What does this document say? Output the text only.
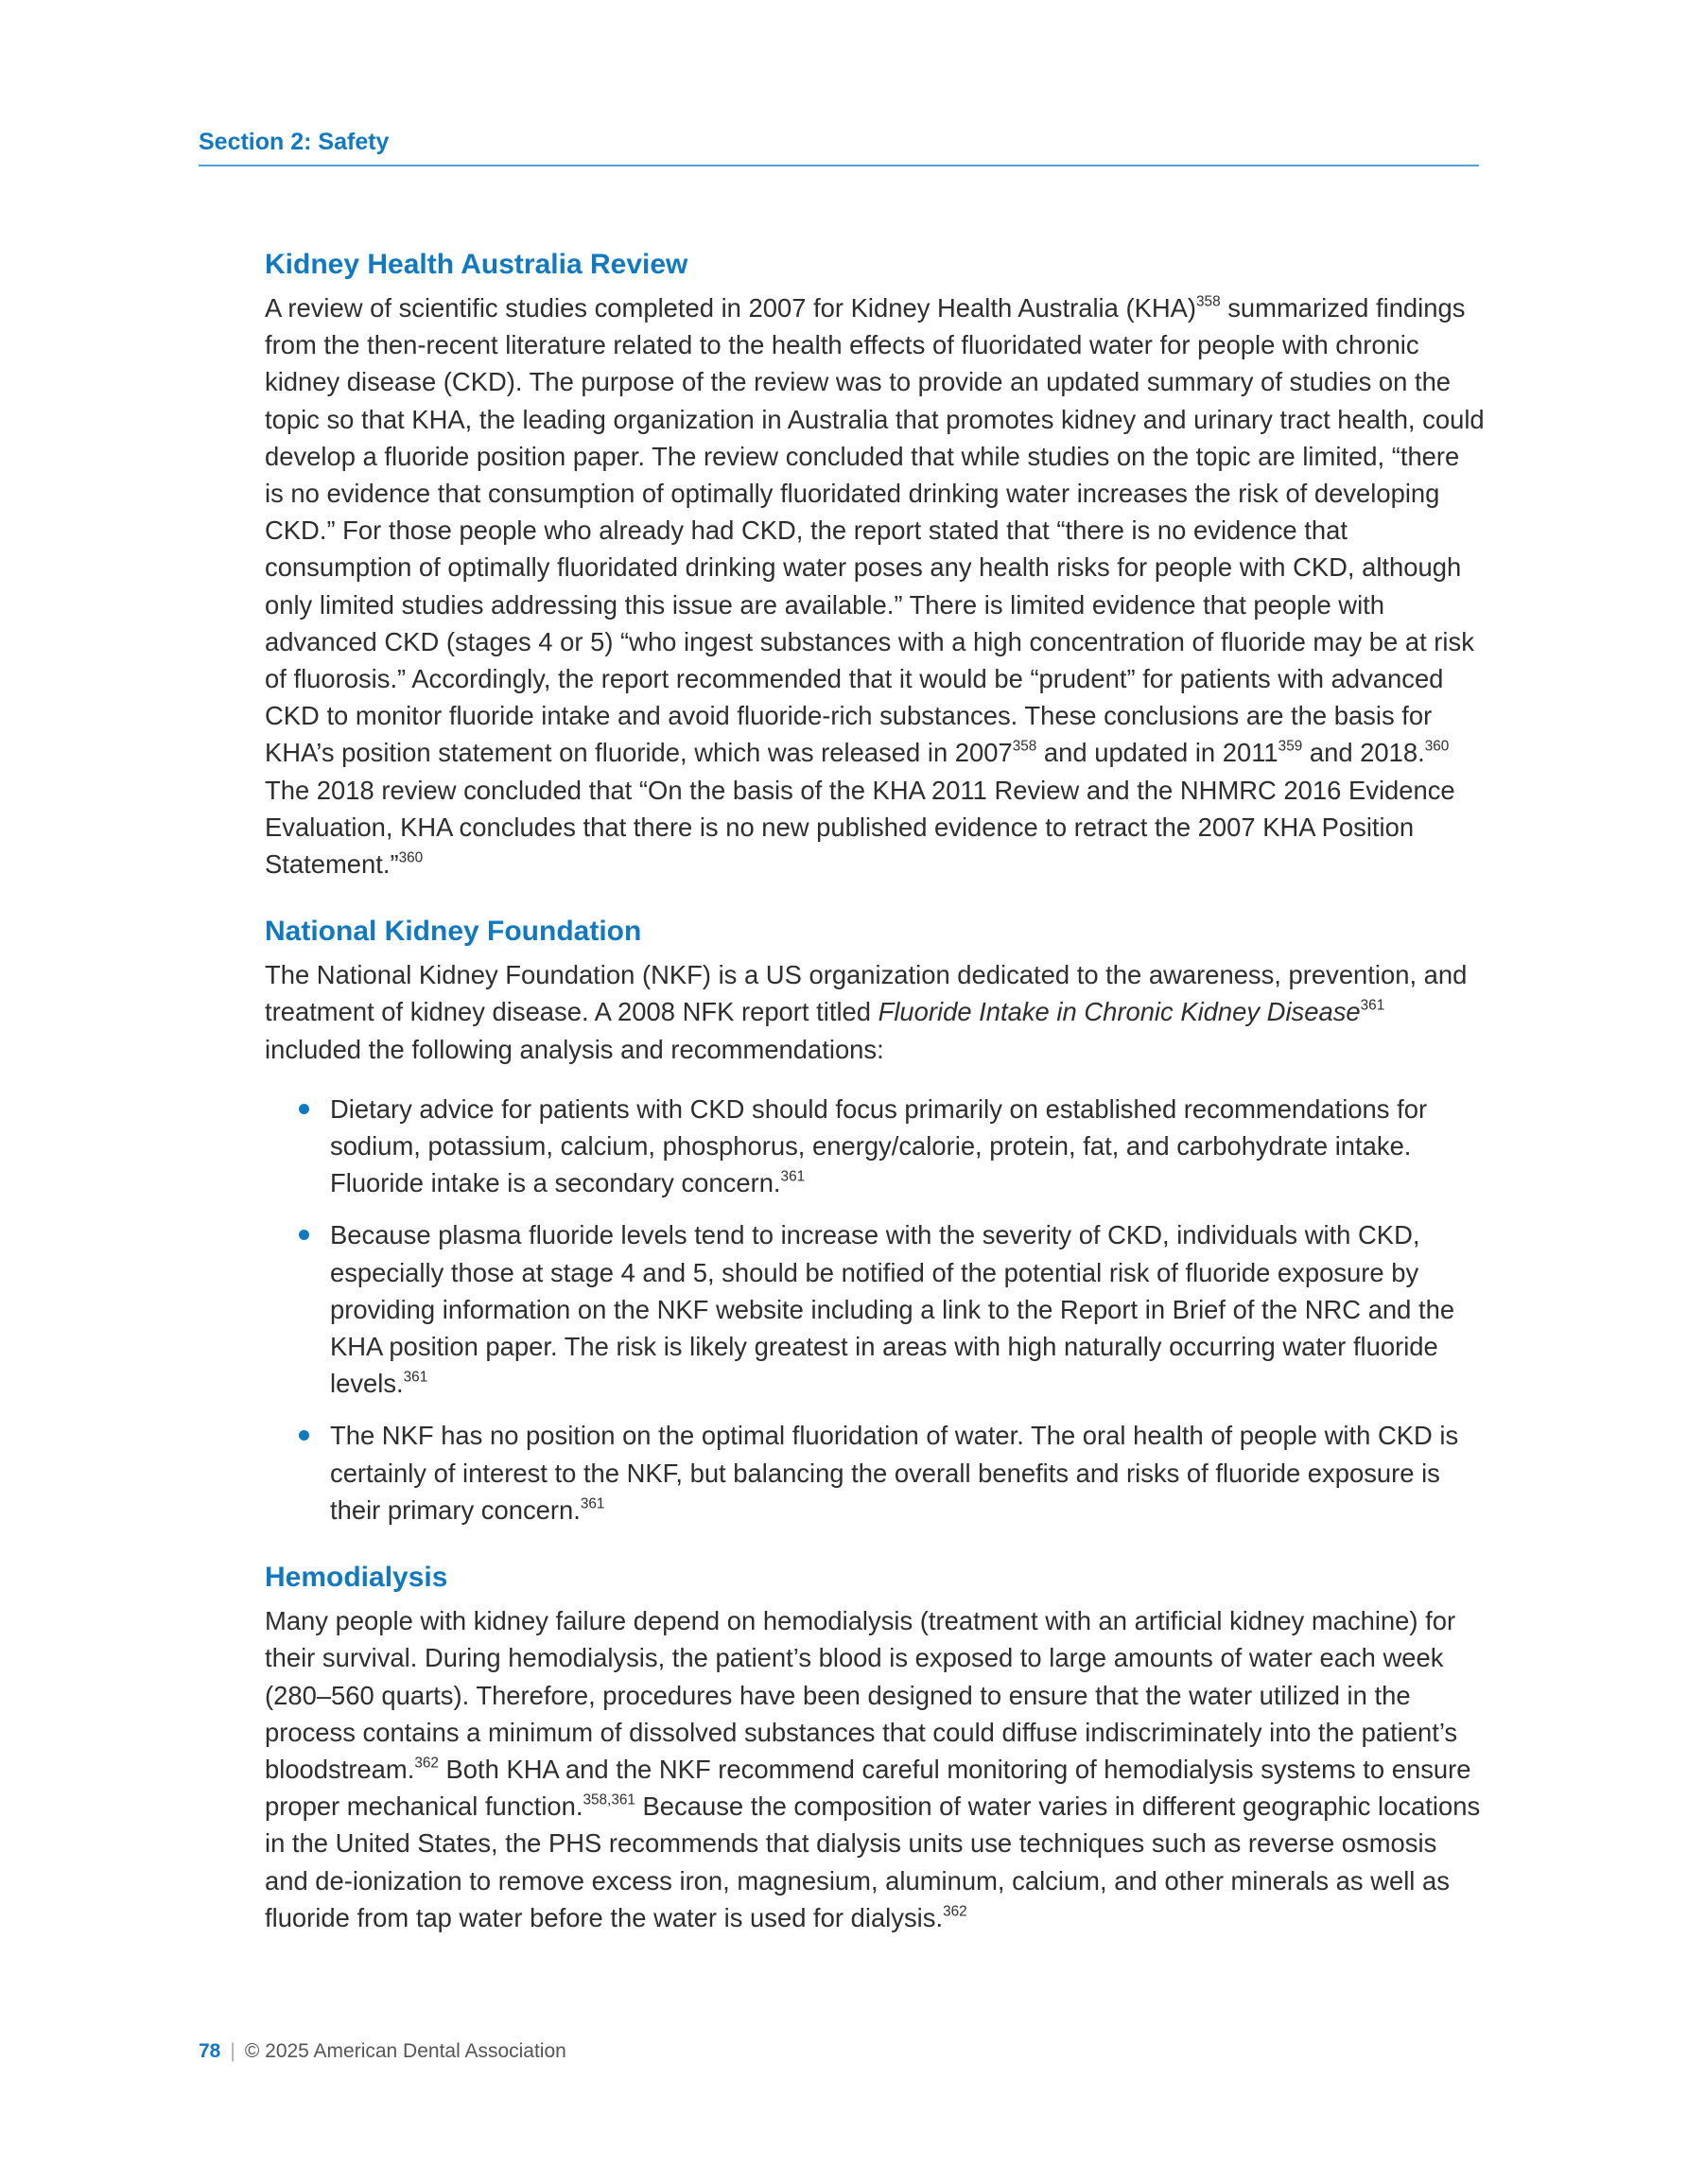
Section 2: Safety
Kidney Health Australia Review

A review of scientific studies completed in 2007 for Kidney Health Australia (KHA)$^{358}$ summarized findings from the then-recent literature related to the health effects of fluoridated water for people with chronic kidney disease (CKD). The purpose of the review was to provide an updated summary of studies on the topic so that KHA, the leading organization in Australia that promotes kidney and urinary tract health, could develop a fluoride position paper. The review concluded that while studies on the topic are limited, “there is no evidence that consumption of optimally fluoridated drinking water increases the risk of developing CKD.” For those people who already had CKD, the report stated that “there is no evidence that consumption of optimally fluoridated drinking water poses any health risks for people with CKD, although only limited studies addressing this issue are available.” There is limited evidence that people with advanced CKD (stages 4 or 5) “who ingest substances with a high concentration of fluoride may be at risk of fluorosis.” Accordingly, the report recommended that it would be “prudent” for patients with advanced CKD to monitor fluoride intake and avoid fluoride-rich substances. These conclusions are the basis for KHA’s position statement on fluoride, which was released in 2007$^{358}$ and updated in 2011$^{359}$ and 2018.$^{360}$ The 2018 review concluded that “On the basis of the KHA 2011 Review and the NHMRC 2016 Evidence Evaluation, KHA concludes that there is no new published evidence to retract the 2007 KHA Position Statement.”$^{360}$

National Kidney Foundation

The National Kidney Foundation (NKF) is a US organization dedicated to the awareness, prevention, and treatment of kidney disease. A 2008 NFK report titled Fluoride Intake in Chronic Kidney Disease$^{361}$ included the following analysis and recommendations:

Dietary advice for patients with CKD should focus primarily on established recommendations for sodium, potassium, calcium, phosphorus, energy/calorie, protein, fat, and carbohydrate intake. Fluoride intake is a secondary concern.$^{361}$
Because plasma fluoride levels tend to increase with the severity of CKD, individuals with CKD, especially those at stage 4 and 5, should be notified of the potential risk of fluoride exposure by providing information on the NKF website including a link to the Report in Brief of the NRC and the KHA position paper. The risk is likely greatest in areas with high naturally occurring water fluoride levels.$^{361}$
The NKF has no position on the optimal fluoridation of water. The oral health of people with CKD is certainly of interest to the NKF, but balancing the overall benefits and risks of fluoride exposure is their primary concern.$^{361}$
Hemodialysis

Many people with kidney failure depend on hemodialysis (treatment with an artificial kidney machine) for their survival. During hemodialysis, the patient’s blood is exposed to large amounts of water each week (280–560 quarts). Therefore, procedures have been designed to ensure that the water utilized in the process contains a minimum of dissolved substances that could diffuse indiscriminately into the patient’s bloodstream.$^{362}$ Both KHA and the NKF recommend careful monitoring of hemodialysis systems to ensure proper mechanical function.$^{358,361}$ Because the composition of water varies in different geographic locations in the United States, the PHS recommends that dialysis units use techniques such as reverse osmosis and de-ionization to remove excess iron, magnesium, aluminum, calcium, and other minerals as well as fluoride from tap water before the water is used for dialysis.$^{362}$

78 | © 2025 American Dental Association
